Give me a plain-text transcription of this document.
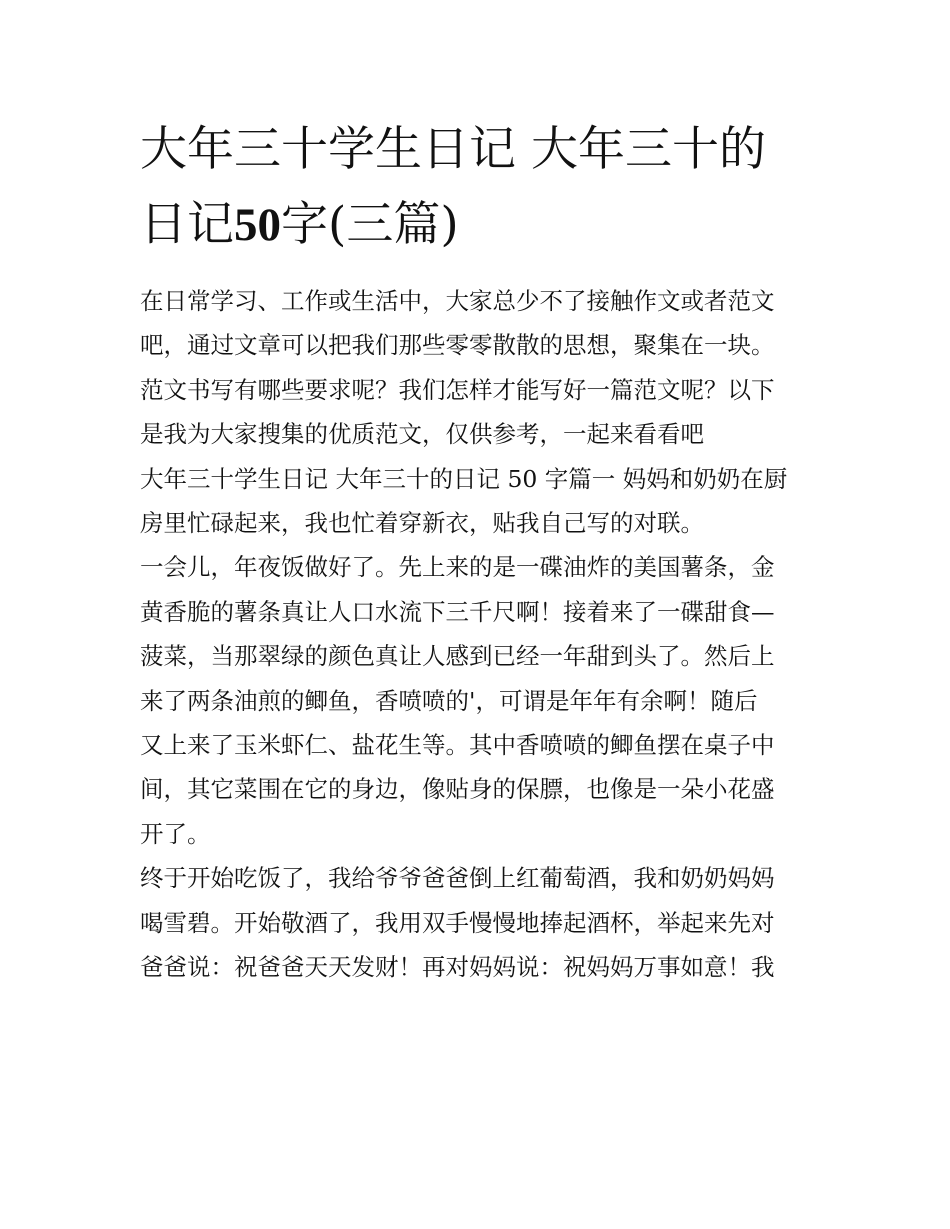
大年三十学生日记 大年三十的
日记50字(三篇)
在日常学习、工作或生活中，大家总少不了接触作文或者范文
吧，通过文章可以把我们那些零零散散的思想，聚集在一块。
范文书写有哪些要求呢？我们怎样才能写好一篇范文呢？以下
是我为大家搜集的优质范文，仅供参考，一起来看看吧
大年三十学生日记 大年三十的日记 50 字篇一 妈妈和奶奶在厨
房里忙碌起来，我也忙着穿新衣，贴我自己写的对联。
一会儿，年夜饭做好了。先上来的是一碟油炸的美国薯条，金
黄香脆的薯条真让人口水流下三千尺啊！接着来了一碟甜食—
菠菜，当那翠绿的颜色真让人感到已经一年甜到头了。然后上
来了两条油煎的鲫鱼，香喷喷的'，可谓是年年有余啊！随后
又上来了玉米虾仁、盐花生等。其中香喷喷的鲫鱼摆在桌子中
间，其它菜围在它的身边，像贴身的保膘，也像是一朵小花盛
开了。
终于开始吃饭了，我给爷爷爸爸倒上红葡萄酒，我和奶奶妈妈
喝雪碧。开始敬酒了，我用双手慢慢地捧起酒杯，举起来先对
爸爸说：祝爸爸天天发财！再对妈妈说：祝妈妈万事如意！我
